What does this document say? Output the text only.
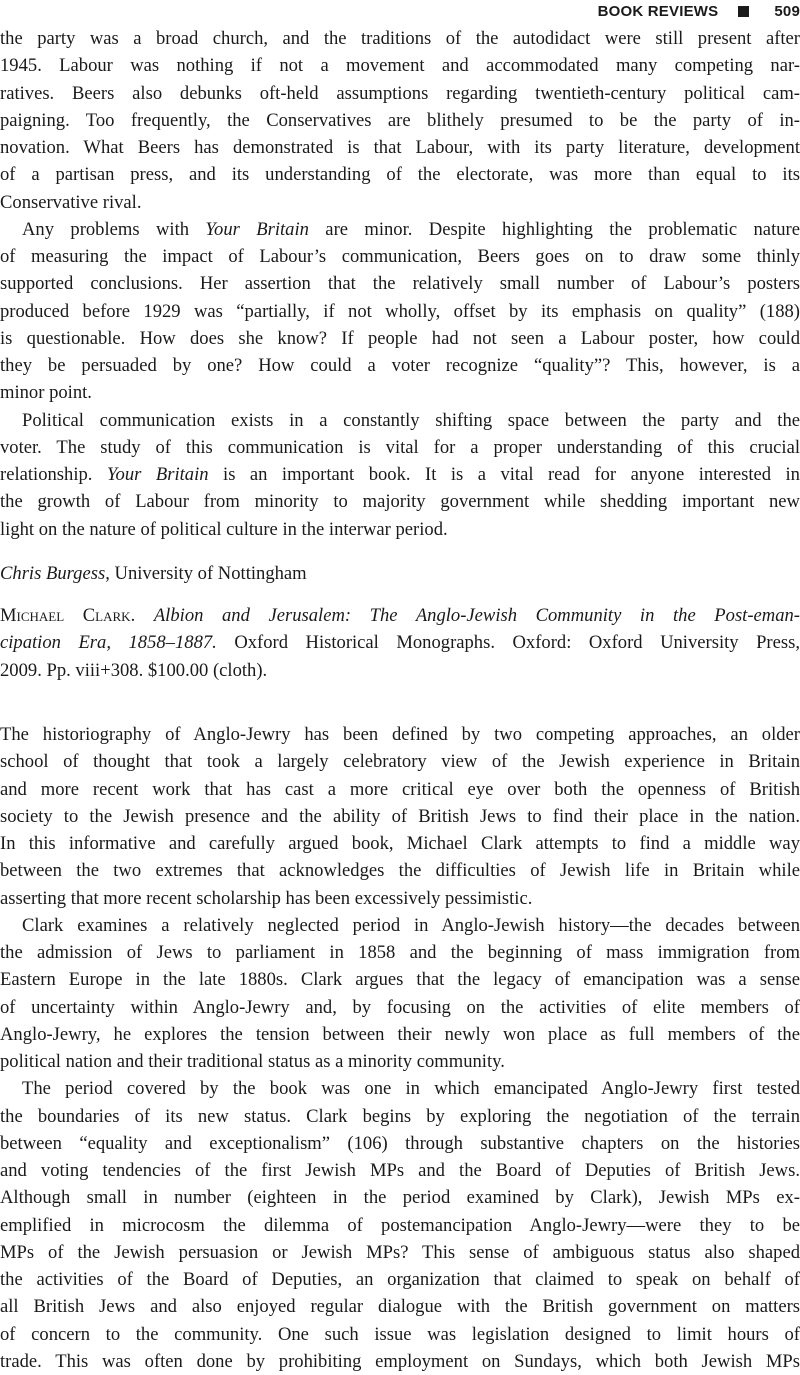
BOOK REVIEWS	509
the party was a broad church, and the traditions of the autodidact were still present after
1945. Labour was nothing if not a movement and accommodated many competing nar-
ratives. Beers also debunks oft-held assumptions regarding twentieth-century political cam-
paigning. Too frequently, the Conservatives are blithely presumed to be the party of in-
novation. What Beers has demonstrated is that Labour, with its party literature, development
of a partisan press, and its understanding of the electorate, was more than equal to its
Conservative rival.
Any problems with Your Britain are minor. Despite highlighting the problematic nature
of measuring the impact of Labour’s communication, Beers goes on to draw some thinly
supported conclusions. Her assertion that the relatively small number of Labour’s posters
produced before 1929 was “partially, if not wholly, offset by its emphasis on quality” (188)
is questionable. How does she know? If people had not seen a Labour poster, how could
they be persuaded by one? How could a voter recognize “quality”? This, however, is a
minor point.
Political communication exists in a constantly shifting space between the party and the
voter. The study of this communication is vital for a proper understanding of this crucial
relationship. Your Britain is an important book. It is a vital read for anyone interested in
the growth of Labour from minority to majority government while shedding important new
light on the nature of political culture in the interwar period.
Chris Burgess, University of Nottingham
Michael Clark. Albion and Jerusalem: The Anglo-Jewish Community in the Post-eman-
cipation Era, 1858–1887. Oxford Historical Monographs. Oxford: Oxford University Press,
2009. Pp. viii+308. $100.00 (cloth).
The historiography of Anglo-Jewry has been defined by two competing approaches, an older
school of thought that took a largely celebratory view of the Jewish experience in Britain
and more recent work that has cast a more critical eye over both the openness of British
society to the Jewish presence and the ability of British Jews to find their place in the nation.
In this informative and carefully argued book, Michael Clark attempts to find a middle way
between the two extremes that acknowledges the difficulties of Jewish life in Britain while
asserting that more recent scholarship has been excessively pessimistic.
Clark examines a relatively neglected period in Anglo-Jewish history—the decades between
the admission of Jews to parliament in 1858 and the beginning of mass immigration from
Eastern Europe in the late 1880s. Clark argues that the legacy of emancipation was a sense
of uncertainty within Anglo-Jewry and, by focusing on the activities of elite members of
Anglo-Jewry, he explores the tension between their newly won place as full members of the
political nation and their traditional status as a minority community.
The period covered by the book was one in which emancipated Anglo-Jewry first tested
the boundaries of its new status. Clark begins by exploring the negotiation of the terrain
between “equality and exceptionalism” (106) through substantive chapters on the histories
and voting tendencies of the first Jewish MPs and the Board of Deputies of British Jews.
Although small in number (eighteen in the period examined by Clark), Jewish MPs ex-
emplified in microcosm the dilemma of postemancipation Anglo-Jewry—were they to be
MPs of the Jewish persuasion or Jewish MPs? This sense of ambiguous status also shaped
the activities of the Board of Deputies, an organization that claimed to speak on behalf of
all British Jews and also enjoyed regular dialogue with the British government on matters
of concern to the community. One such issue was legislation designed to limit hours of
trade. This was often done by prohibiting employment on Sundays, which both Jewish MPs
